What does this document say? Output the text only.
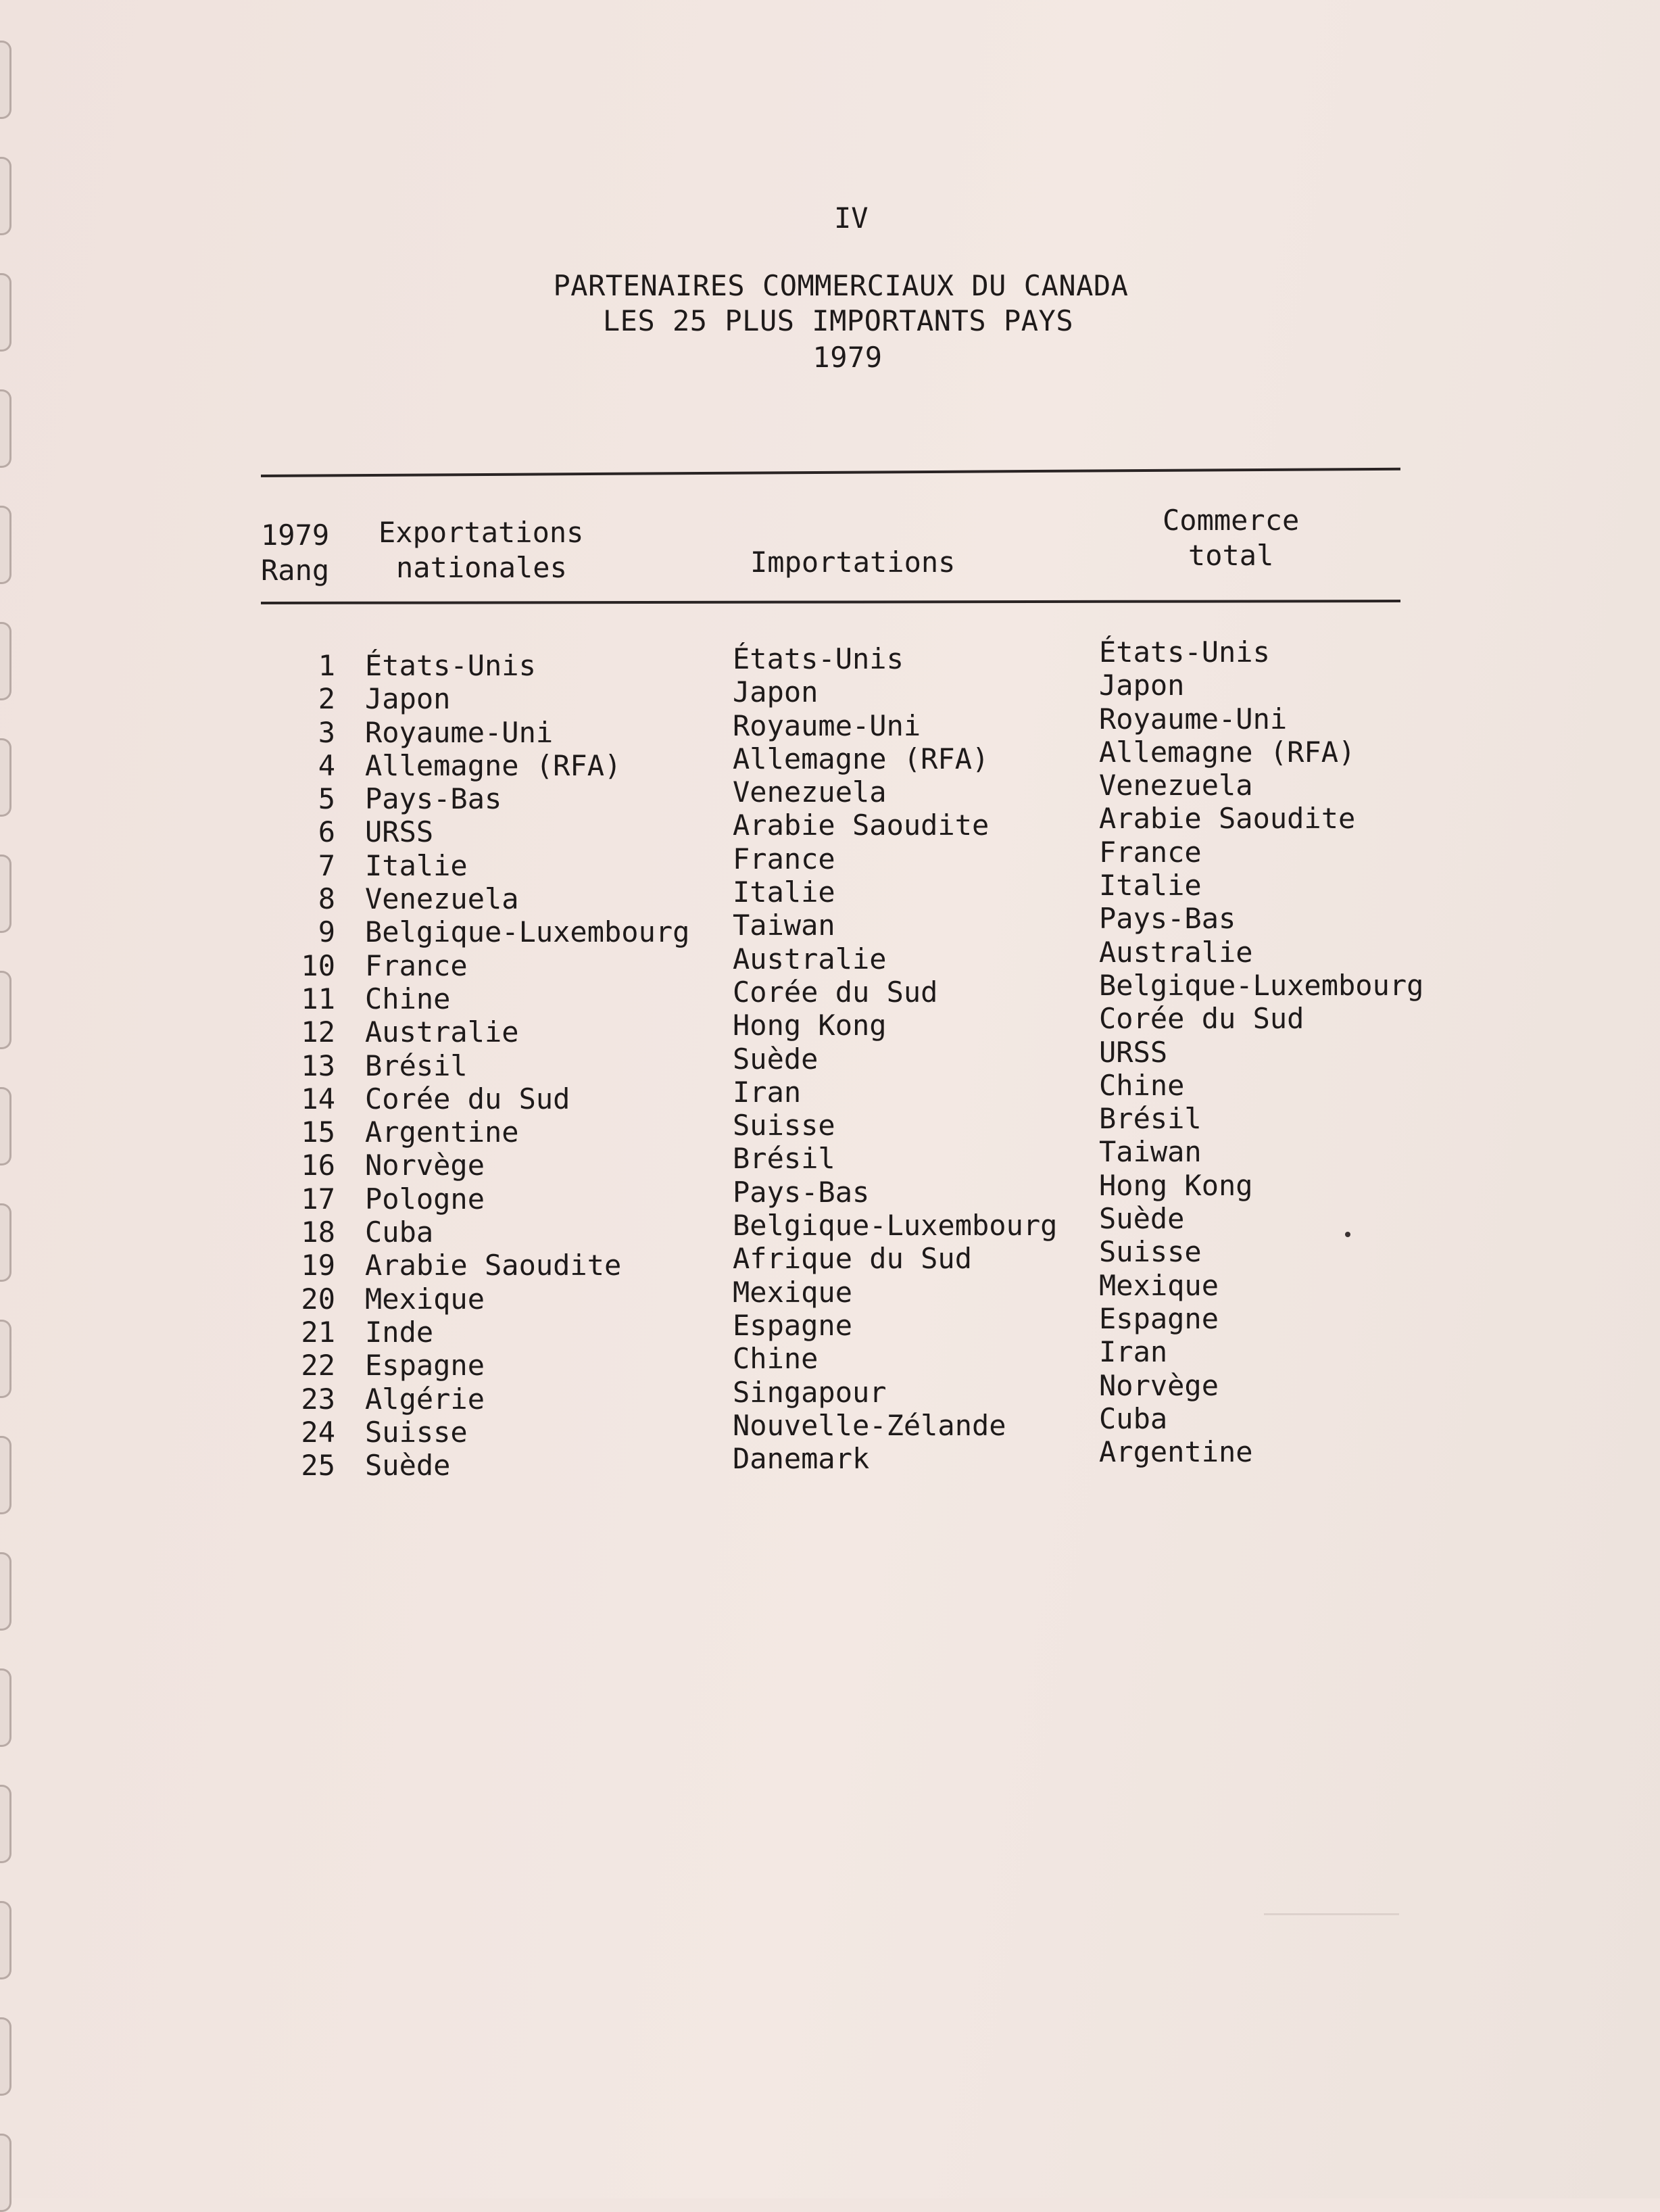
IV
PARTENAIRES COMMERCIAUX DU CANADA
LES 25 PLUS IMPORTANTS PAYS
1979
1979
Rang
Exportations
nationales	Importations
Commerce
total
1
2
3
4
5
6
7
8
9
10
11
12
13
14
15
16
17
18
19
20
21
22
23
24
25
États-Unis
Japon
Royaume-Uni
Allemagne (RFA)
Pays-Bas
URSS
Italie
Venezuela
Belgique-Luxembourg
France
Chine
Australie
Brésil
Corée du Sud
Argentine
Norvège
Pologne
Cuba
Arabie Saoudite
Mexique
Inde
Espagne
Algérie
Suisse
Suède
États-Unis
Japon
Royaume-Uni
Allemagne (RFA)
Venezuela
Arabie Saoudite
France
Italie
Taiwan
Australie
Corée du Sud
Hong Kong
Suède
Iran
Suisse
Brésil
Pays-Bas
Belgique-Luxembourg
Afrique du Sud
Mexique
Espagne
Chine
Singapour
Nouvelle-Zélande
Danemark
États-Unis
Japon
Royaume-Uni
Allemagne (RFA)
Venezuela
Arabie Saoudite
France
Italie
Pays-Bas
Australie
Belgique-Luxembourg
Corée du Sud
URSS
Chine
Brésil
Taiwan
Hong Kong
Suède
Suisse
Mexique
Espagne
Iran
Norvège
Cuba
Argentine
